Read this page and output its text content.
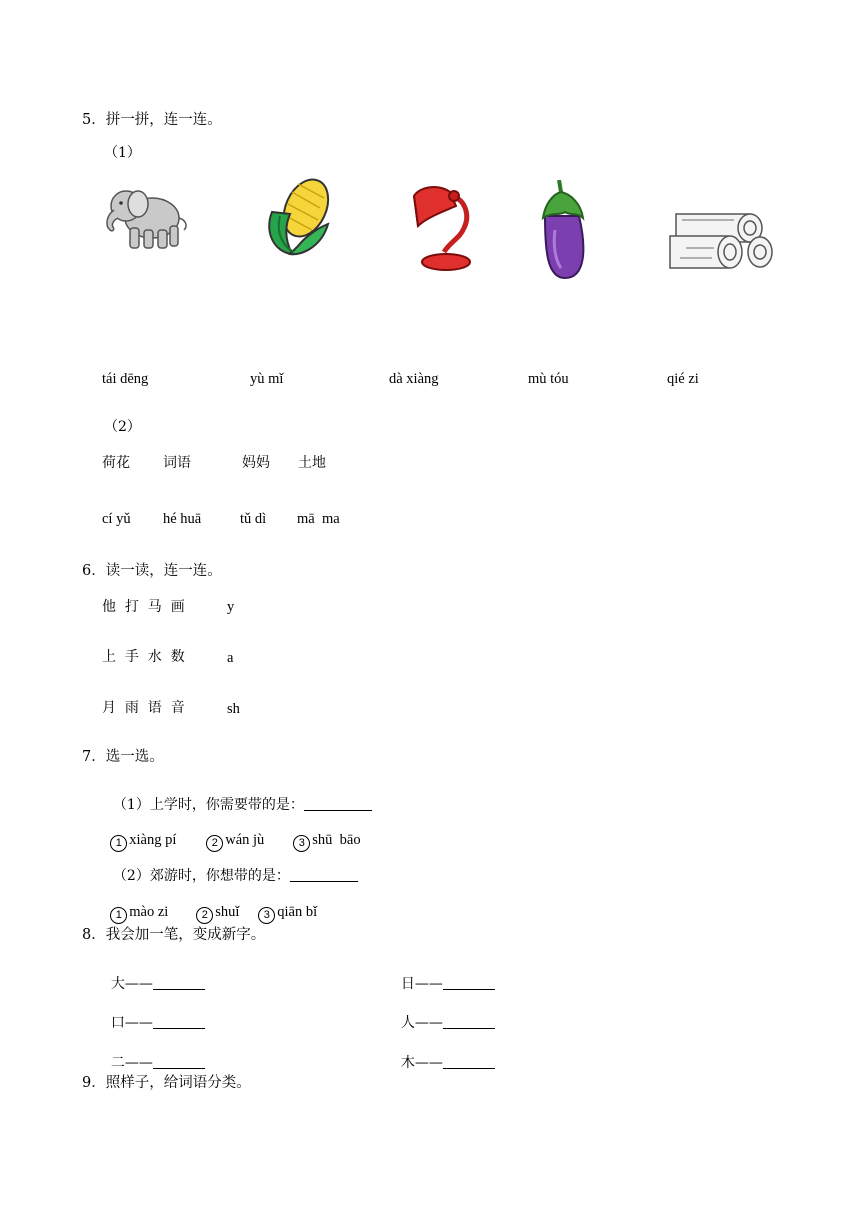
5．拼一拼，连一连。
（1）
tái dēng	yù mǐ	dà xiàng	mù tóu	qié zi
（2）
荷花 词语	妈妈 土地
cí yǔ hé huā	tǔ dì mā  ma
6．读一读，连一连。
他  打  马  画	y
上  手  水  数	a
月  雨  语  音	sh
7．选一选。

（1）上学时，你需要带的是：

1 xiàng pí	2 wán jù	3 shū  bāo

（2）郊游时，你想带的是：

1 mào zi	2 shuǐ	3 qiān bǐ

8．我会加一笔，变成新字。

大——	日——

口——	人——

二——	木——

9．照样子，给词语分类。
